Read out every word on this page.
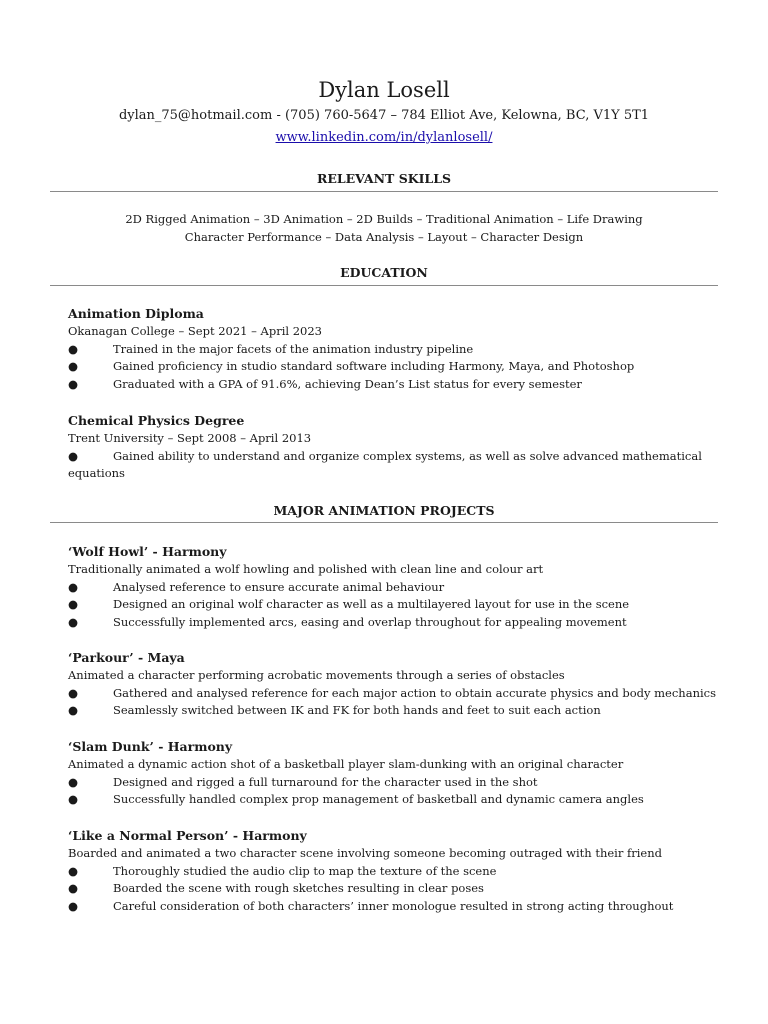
Dylan Losell
dylan_75@hotmail.com - (705) 760-5647 – 784 Elliot Ave, Kelowna, BC, V1Y 5T1
www.linkedin.com/in/dylanlosell/
RELEVANT SKILLS
2D Rigged Animation – 3D Animation – 2D Builds – Traditional Animation – Life Drawing
Character Performance – Data Analysis – Layout – Character Design
EDUCATION
Animation Diploma
Okanagan College – Sept 2021 – April 2023
●	Trained in the major facets of the animation industry pipeline
●	Gained proficiency in studio standard software including Harmony, Maya, and Photoshop
●	Graduated with a GPA of 91.6%, achieving Dean’s List status for every semester
Chemical Physics Degree
Trent University – Sept 2008 – April 2013
●	Gained ability to understand and organize complex systems, as well as solve advanced mathematical
equations
MAJOR ANIMATION PROJECTS
‘Wolf Howl’ - Harmony
Traditionally animated a wolf howling and polished with clean line and colour art
●	Analysed reference to ensure accurate animal behaviour
●	Designed an original wolf character as well as a multilayered layout for use in the scene
●	Successfully implemented arcs, easing and overlap throughout for appealing movement
‘Parkour’ - Maya
Animated a character performing acrobatic movements through a series of obstacles
●	Gathered and analysed reference for each major action to obtain accurate physics and body mechanics
●	Seamlessly switched between IK and FK for both hands and feet to suit each action
‘Slam Dunk’ - Harmony
Animated a dynamic action shot of a basketball player slam-dunking with an original character
●	Designed and rigged a full turnaround for the character used in the shot
●	Successfully handled complex prop management of basketball and dynamic camera angles
‘Like a Normal Person’ - Harmony
Boarded and animated a two character scene involving someone becoming outraged with their friend
●	Thoroughly studied the audio clip to map the texture of the scene
●	Boarded the scene with rough sketches resulting in clear poses
●	Careful consideration of both characters’ inner monologue resulted in strong acting throughout
